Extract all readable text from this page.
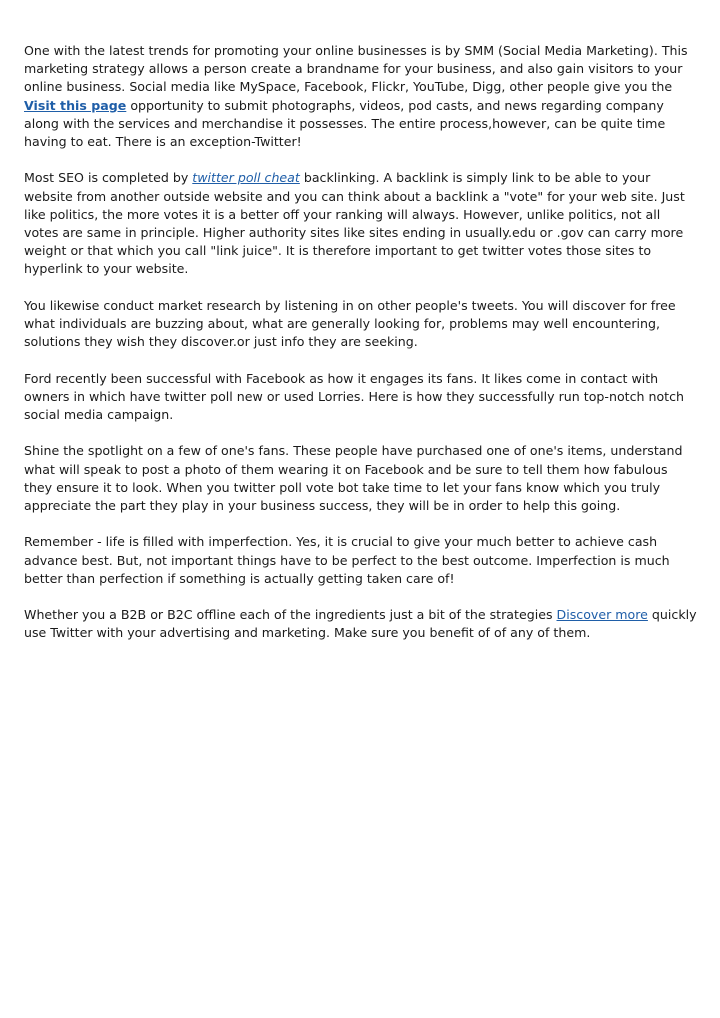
One with the latest trends for promoting your online businesses is by SMM (Social Media Marketing). This marketing strategy allows a person create a brandname for your business, and also gain visitors to your online business. Social media like MySpace, Facebook, Flickr, YouTube, Digg, other people give you the Visit this page opportunity to submit photographs, videos, pod casts, and news regarding company along with the services and merchandise it possesses. The entire process,however, can be quite time having to eat. There is an exception-Twitter!

Most SEO is completed by twitter poll cheat backlinking. A backlink is simply link to be able to your website from another outside website and you can think about a backlink a "vote" for your web site. Just like politics, the more votes it is a better off your ranking will always. However, unlike politics, not all votes are same in principle. Higher authority sites like sites ending in usually.edu or .gov can carry more weight or that which you call "link juice". It is therefore important to get twitter votes those sites to hyperlink to your website.

You likewise conduct market research by listening in on other people's tweets. You will discover for free what individuals are buzzing about, what are generally looking for, problems may well encountering, solutions they wish they discover.or just info they are seeking.

Ford recently been successful with Facebook as how it engages its fans. It likes come in contact with owners in which have twitter poll new or used Lorries. Here is how they successfully run top-notch notch social media campaign.

Shine the spotlight on a few of one's fans. These people have purchased one of one's items, understand what will speak to post a photo of them wearing it on Facebook and be sure to tell them how fabulous they ensure it to look. When you twitter poll vote bot take time to let your fans know which you truly appreciate the part they play in your business success, they will be in order to help this going.

Remember - life is filled with imperfection. Yes, it is crucial to give your much better to achieve cash advance best. But, not important things have to be perfect to the best outcome. Imperfection is much better than perfection if something is actually getting taken care of!

Whether you a B2B or B2C offline each of the ingredients just a bit of the strategies Discover more quickly use Twitter with your advertising and marketing. Make sure you benefit of of any of them.
